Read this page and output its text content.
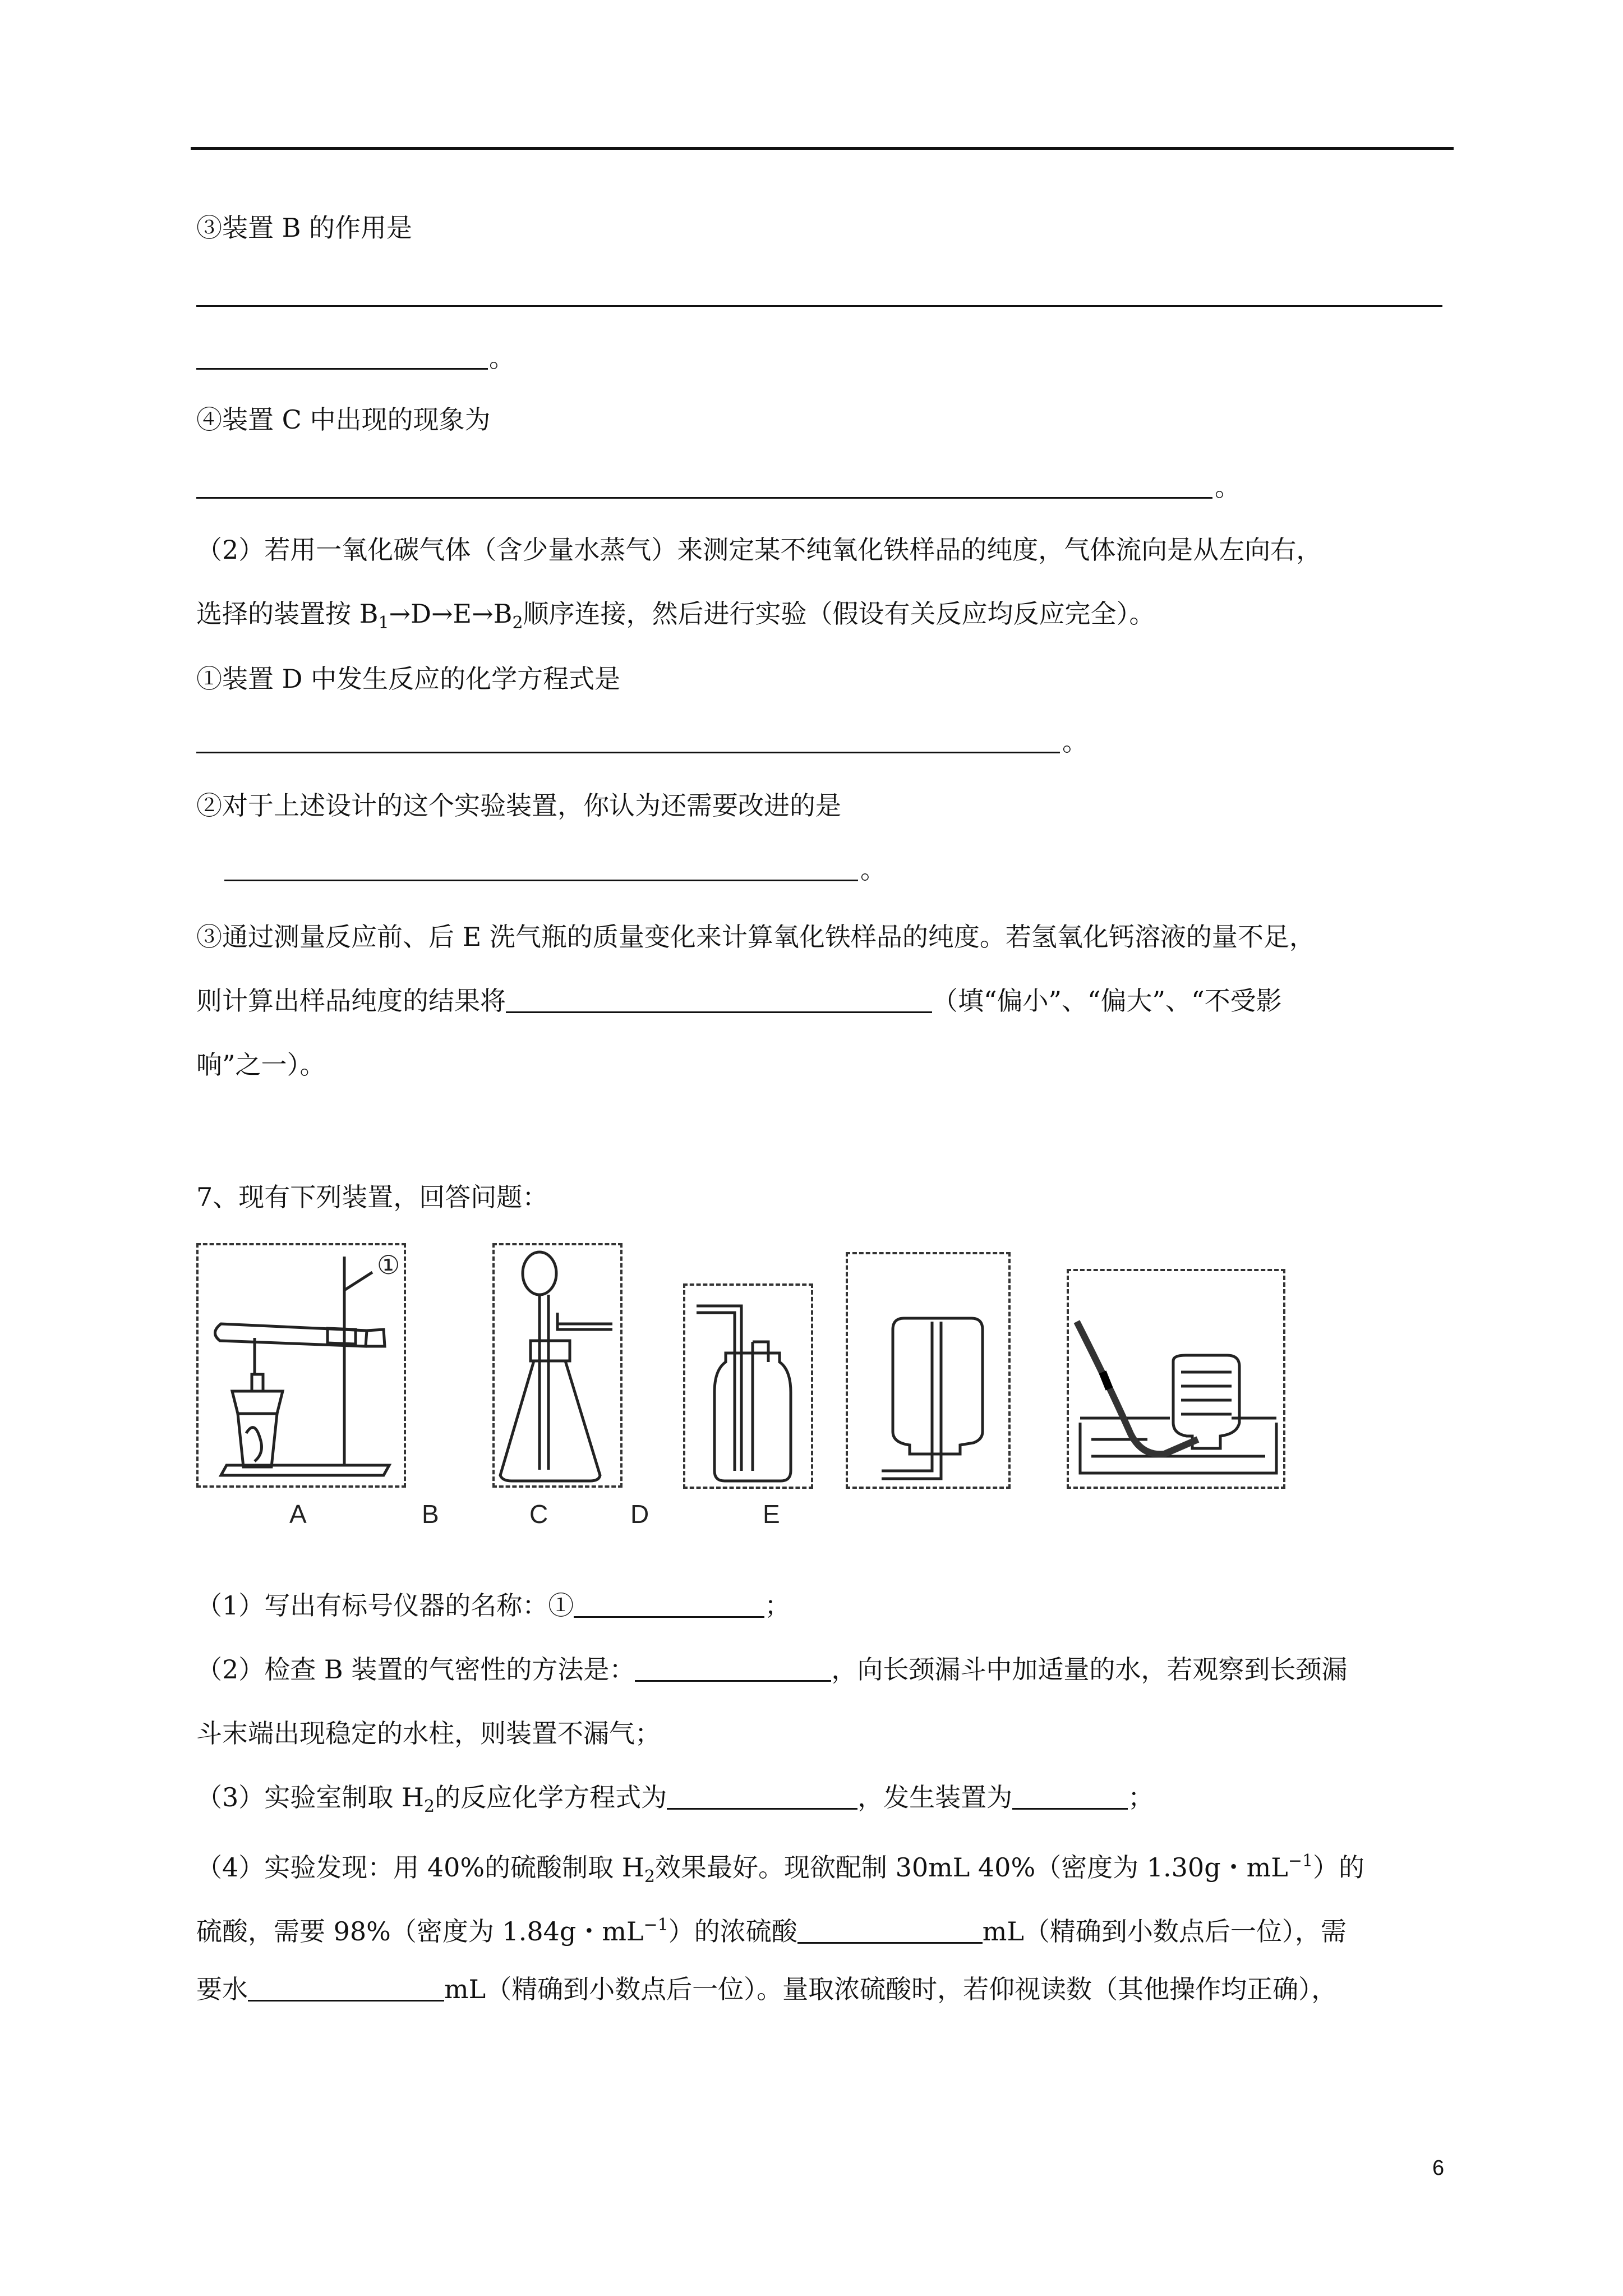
③装置 B 的作用是
。
④装置 C 中出现的现象为
。
（2）若用一氧化碳气体（含少量水蒸气）来测定某不纯氧化铁样品的纯度，气体流向是从左向右，
选择的装置按 $B_1\to D\to E\to B_2$顺序连接，然后进行实验（假设有关反应均反应完全）。
①装置 D 中发生反应的化学方程式是
。
②对于上述设计的这个实验装置，你认为还需要改进的是
。
③通过测量反应前、后 E 洗气瓶的质量变化来计算氧化铁样品的纯度。若氢氧化钙溶液的量不足，
则计算出样品纯度的结果将	（填“偏小”、“偏大”、“不受影
响”之一）。
7、现有下列装置，回答问题：
①
A	B	C	D	E
（1）写出有标号仪器的名称：①	；
（2）检查 B 装置的气密性的方法是：	，向长颈漏斗中加适量的水，若观察到长颈漏
斗末端出现稳定的水柱，则装置不漏气；
（3）实验室制取 $H_2$的反应化学方程式为	，发生装置为	；
（4）实验发现：用 40%的硫酸制取 $H_2$效果最好。现欲配制 30mL 40%（密度为 1.30g・$mL^{-1}$）的
硫酸，需要 98%（密度为 1.84g・$mL^{-1}$）的浓硫酸	mL（精确到小数点后一位），需
要水	mL（精确到小数点后一位）。量取浓硫酸时，若仰视读数（其他操作均正确），
6
